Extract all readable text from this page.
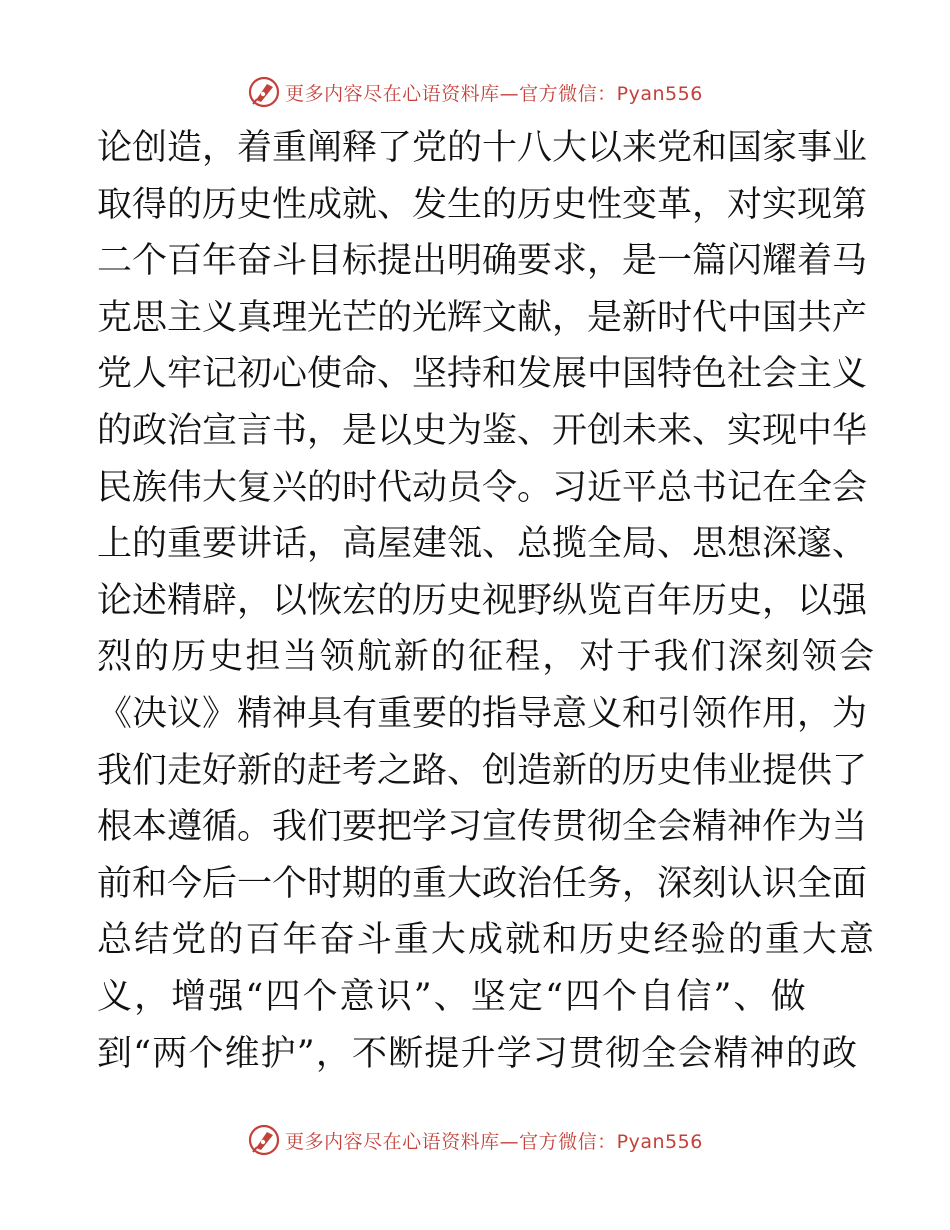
更多内容尽在心语资料库—官方微信：Pyan556
论创造，着重阐释了党的十八大以来党和国家事业
取得的历史性成就、发生的历史性变革，对实现第
二个百年奋斗目标提出明确要求，是一篇闪耀着马
克思主义真理光芒的光辉文献，是新时代中国共产
党人牢记初心使命、坚持和发展中国特色社会主义
的政治宣言书，是以史为鉴、开创未来、实现中华
民族伟大复兴的时代动员令。习近平总书记在全会
上的重要讲话，高屋建瓴、总揽全局、思想深邃、
论述精辟，以恢宏的历史视野纵览百年历史，以强
烈的历史担当领航新的征程，对于我们深刻领会
《决议》精神具有重要的指导意义和引领作用，为
我们走好新的赶考之路、创造新的历史伟业提供了
根本遵循。我们要把学习宣传贯彻全会精神作为当
前和今后一个时期的重大政治任务，深刻认识全面
总结党的百年奋斗重大成就和历史经验的重大意
义，增强“四个意识”、坚定“四个自信”、做
到“两个维护”，不断提升学习贯彻全会精神的政
更多内容尽在心语资料库—官方微信：Pyan556
